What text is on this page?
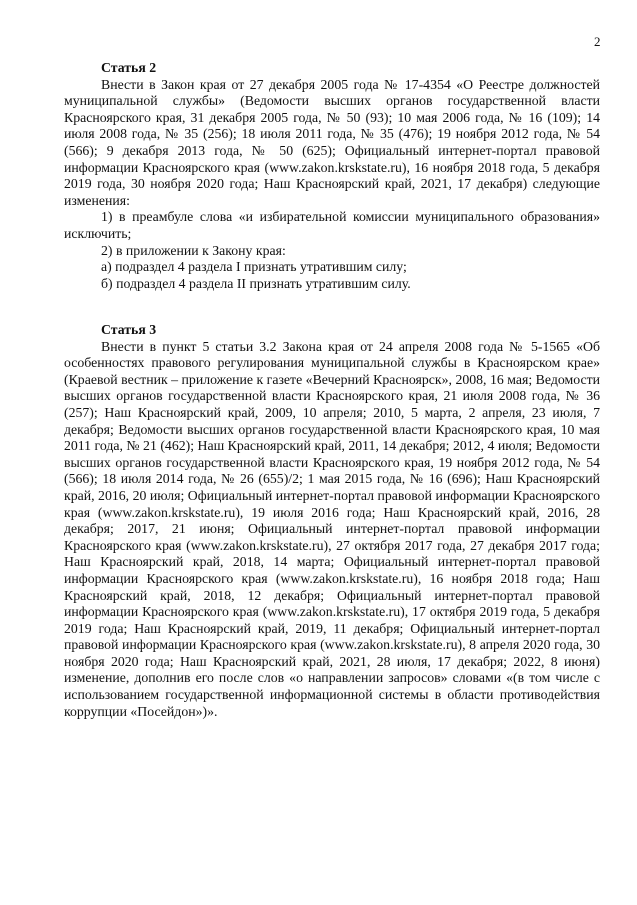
2

Статья 2

Внести в Закон края от 27 декабря 2005 года № 17-4354 «О Реестре должностей муниципальной службы» (Ведомости высших органов государственной власти Красноярского края, 31 декабря 2005 года, № 50 (93); 10 мая 2006 года, № 16 (109); 14 июля 2008 года, № 35 (256); 18 июля 2011 года, № 35 (476); 19 ноября 2012 года, № 54 (566); 9 декабря 2013 года, № 50 (625); Официальный интернет-портал правовой информации Красноярского края (www.zakon.krskstate.ru), 16 ноября 2018 года, 5 декабря 2019 года, 30 ноября 2020 года; Наш Красноярский край, 2021, 17 декабря) следующие изменения:

1) в преамбуле слова «и избирательной комиссии муниципального образования» исключить;

2) в приложении к Закону края:

а) подраздел 4 раздела I признать утратившим силу;

б) подраздел 4 раздела II признать утратившим силу.

Статья 3

Внести в пункт 5 статьи 3.2 Закона края от 24 апреля 2008 года № 5-1565 «Об особенностях правового регулирования муниципальной службы в Красноярском крае» (Краевой вестник – приложение к газете «Вечерний Красноярск», 2008, 16 мая; Ведомости высших органов государственной власти Красноярского края, 21 июля 2008 года, № 36 (257); Наш Красноярский край, 2009, 10 апреля; 2010, 5 марта, 2 апреля, 23 июля, 7 декабря; Ведомости высших органов государственной власти Красноярского края, 10 мая 2011 года, № 21 (462); Наш Красноярский край, 2011, 14 декабря; 2012, 4 июля; Ведомости высших органов государственной власти Красноярского края, 19 ноября 2012 года, № 54 (566); 18 июля 2014 года, № 26 (655)/2; 1 мая 2015 года, № 16 (696); Наш Красноярский край, 2016, 20 июля; Официальный интернет-портал правовой информации Красноярского края (www.zakon.krskstate.ru), 19 июля 2016 года; Наш Красноярский край, 2016, 28 декабря; 2017, 21 июня; Официальный интернет-портал правовой информации Красноярского края (www.zakon.krskstate.ru), 27 октября 2017 года, 27 декабря 2017 года; Наш Красноярский край, 2018, 14 марта; Официальный интернет-портал правовой информации Красноярского края (www.zakon.krskstate.ru), 16 ноября 2018 года; Наш Красноярский край, 2018, 12 декабря; Официальный интернет-портал правовой информации Красноярского края (www.zakon.krskstate.ru), 17 октября 2019 года, 5 декабря 2019 года; Наш Красноярский край, 2019, 11 декабря; Официальный интернет-портал правовой информации Красноярского края (www.zakon.krskstate.ru), 8 апреля 2020 года, 30 ноября 2020 года; Наш Красноярский край, 2021, 28 июля, 17 декабря; 2022, 8 июня) изменение, дополнив его после слов «о направлении запросов» словами «(в том числе с использованием государственной информационной системы в области противодействия коррупции «Посейдон»)».
